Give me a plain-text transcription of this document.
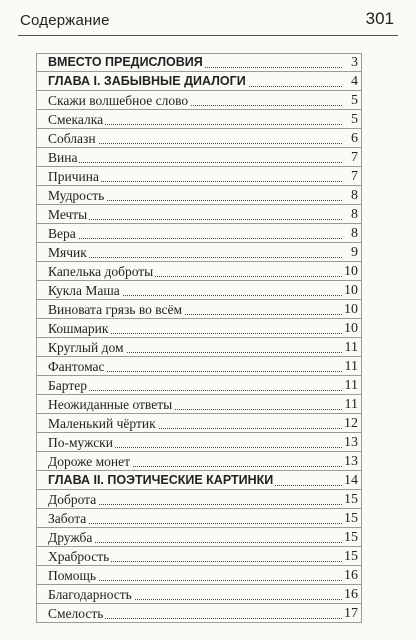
Содержание	301
ВМЕСТО ПРЕДИСЛОВИЯ	3
ГЛАВА I. ЗАБЫВНЫЕ ДИАЛОГИ	4
Скажи волшебное слово	5
Смекалка	5
Соблазн	6
Вина	7
Причина	7
Мудрость	8
Мечты	8
Вера	8
Мячик	9
Капелька доброты	10
Кукла Маша	10
Виновата грязь во всём	10
Кошмарик	10
Круглый дом	11
Фантомас	11
Бартер	11
Неожиданные ответы	11
Маленький чёртик	12
По-мужски	13
Дороже монет	13
ГЛАВА II. ПОЭТИЧЕСКИЕ КАРТИНКИ	14
Доброта	15
Забота	15
Дружба	15
Храбрость	15
Помощь	16
Благодарность	16
Смелость	17
